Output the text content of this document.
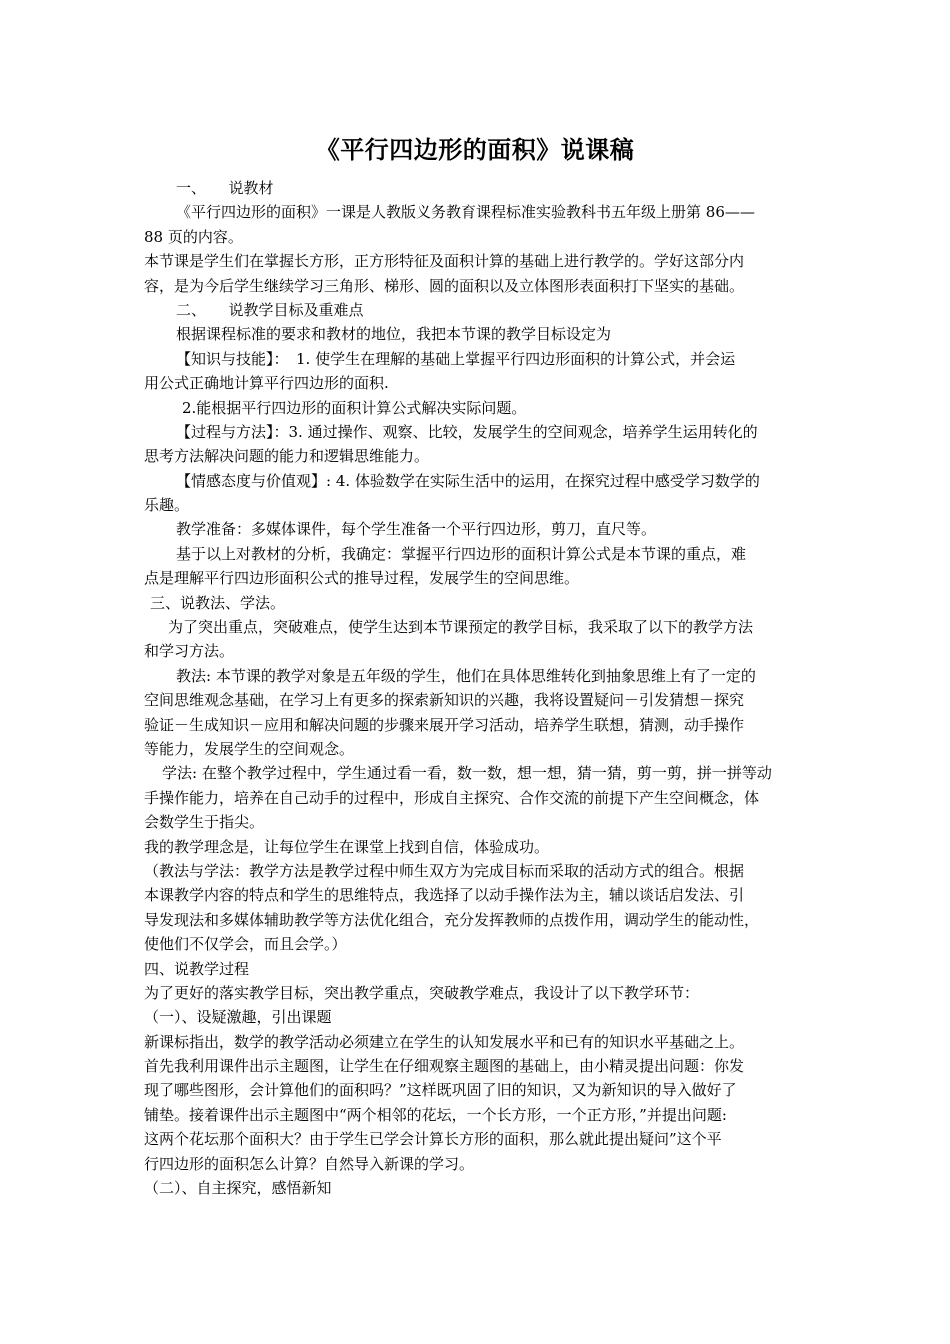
《平行四边形的面积》说课稿
一、　　说教材
《平行四边形的面积》一课是人教版义务教育课程标准实验教科书五年级上册第 86——
88 页的内容。
本节课是学生们在掌握长方形，正方形特征及面积计算的基础上进行教学的。学好这部分内
容，是为今后学生继续学习三角形、梯形、圆的面积以及立体图形表面积打下坚实的基础。
二、　　说教学目标及重难点
根据课程标准的要求和教材的地位，我把本节课的教学目标设定为
【知识与技能】：　1. 使学生在理解的基础上掌握平行四边形面积的计算公式，并会运
用公式正确地计算平行四边形的面积.
2.能根据平行四边形的面积计算公式解决实际问题。
【过程与方法】：3. 通过操作、观察、比较，发展学生的空间观念，培养学生运用转化的
思考方法解决问题的能力和逻辑思维能力。
【情感态度与价值观】: 4. 体验数学在实际生活中的运用，在探究过程中感受学习数学的
乐趣。
教学准备：多媒体课件，每个学生准备一个平行四边形，剪刀，直尺等。
基于以上对教材的分析，我确定：掌握平行四边形的面积计算公式是本节课的重点，难
点是理解平行四边形面积公式的推导过程，发展学生的空间思维。
三、说教法、学法。
为了突出重点，突破难点，使学生达到本节课预定的教学目标，我采取了以下的教学方法
和学习方法。
教法: 本节课的教学对象是五年级的学生，他们在具体思维转化到抽象思维上有了一定的
空间思维观念基础，在学习上有更多的探索新知识的兴趣，我将设置疑问－引发猜想－探究
验证－生成知识－应用和解决问题的步骤来展开学习活动，培养学生联想，猜测，动手操作
等能力，发展学生的空间观念。
学法: 在整个教学过程中，学生通过看一看，数一数，想一想，猜一猜，剪一剪，拼一拼等动
手操作能力，培养在自己动手的过程中，形成自主探究、合作交流的前提下产生空间概念，体
会数学生于指尖。
我的教学理念是，让每位学生在课堂上找到自信，体验成功。
（教法与学法：教学方法是教学过程中师生双方为完成目标而采取的活动方式的组合。根据
本课教学内容的特点和学生的思维特点，我选择了以动手操作法为主，辅以谈话启发法、引
导发现法和多媒体辅助教学等方法优化组合，充分发挥教师的点拨作用，调动学生的能动性，
使他们不仅学会，而且会学。）
四、说教学过程
为了更好的落实教学目标，突出教学重点，突破教学难点，我设计了以下教学环节：
（一）、设疑激趣，引出课题
新课标指出，数学的教学活动必须建立在学生的认知发展水平和已有的知识水平基础之上。
首先我利用课件出示主题图，让学生在仔细观察主题图的基础上，由小精灵提出问题：你发
现了哪些图形，会计算他们的面积吗？”这样既巩固了旧的知识，又为新知识的导入做好了
铺垫。接着课件出示主题图中“两个相邻的花坛，一个长方形，一个正方形，”并提出问题:
这两个花坛那个面积大？由于学生已学会计算长方形的面积，那么就此提出疑问”这个平
行四边形的面积怎么计算？自然导入新课的学习。
（二）、自主探究，感悟新知
